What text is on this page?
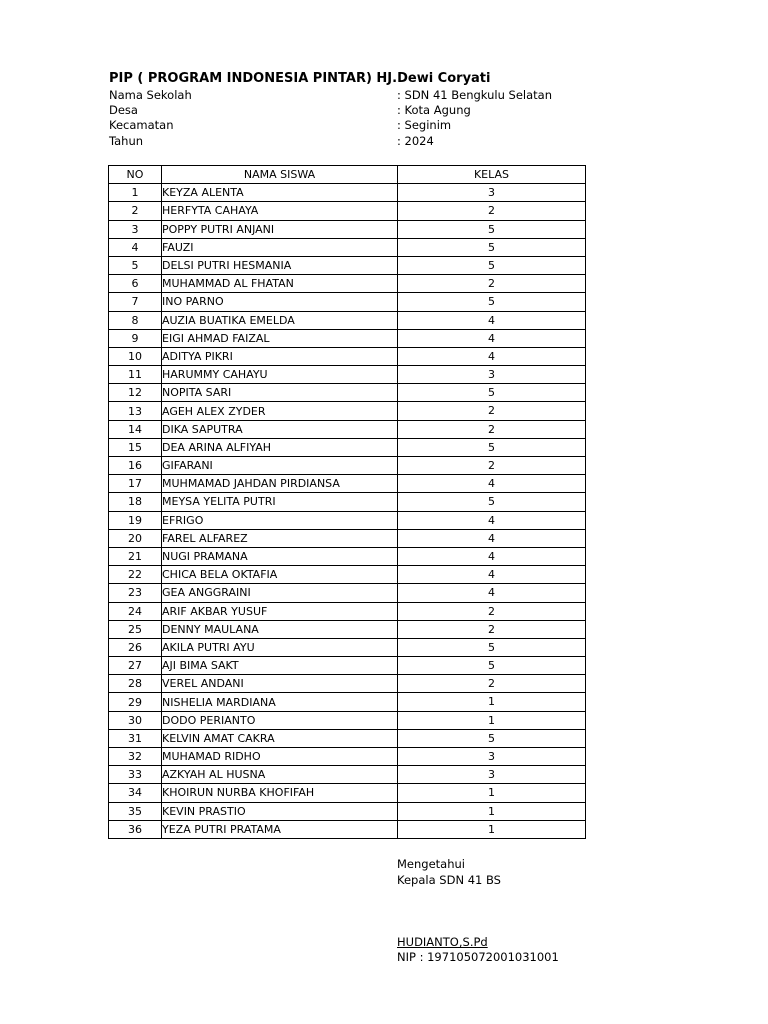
PIP ( PROGRAM INDONESIA PINTAR) HJ.Dewi Coryati
Nama Sekolah	: SDN 41 Bengkulu Selatan
Desa	: Kota Agung
Kecamatan	: Seginim
Tahun	: 2024
NO	NAMA SISWA	KELAS
1	KEYZA ALENTA	3
2	HERFYTA CAHAYA	2
3	POPPY PUTRI ANJANI	5
4	FAUZI	5
5	DELSI PUTRI HESMANIA	5
6	MUHAMMAD AL FHATAN	2
7	INO PARNO	5
8	AUZIA BUATIKA EMELDA	4
9	EIGI AHMAD FAIZAL	4
10	ADITYA PIKRI	4
11	HARUMMY CAHAYU	3
12	NOPITA SARI	5
13	AGEH ALEX ZYDER	2
14	DIKA SAPUTRA	2
15	DEA ARINA ALFIYAH	5
16	GIFARANI	2
17	MUHMAMAD JAHDAN PIRDIANSA	4
18	MEYSA YELITA PUTRI	5
19	EFRIGO	4
20	FAREL ALFAREZ	4
21	NUGI PRAMANA	4
22	CHICA BELA OKTAFIA	4
23	GEA ANGGRAINI	4
24	ARIF AKBAR YUSUF	2
25	DENNY MAULANA	2
26	AKILA PUTRI AYU	5
27	AJI BIMA SAKT	5
28	VEREL ANDANI	2
29	NISHELIA MARDIANA	1
30	DODO PERIANTO	1
31	KELVIN AMAT CAKRA	5
32	MUHAMAD RIDHO	3
33	AZKYAH AL HUSNA	3
34	KHOIRUN NURBA KHOFIFAH	1
35	KEVIN PRASTIO	1
36	YEZA PUTRI PRATAMA	1
Mengetahui
Kepala SDN 41 BS
HUDIANTO,S.Pd
NIP : 197105072001031001
